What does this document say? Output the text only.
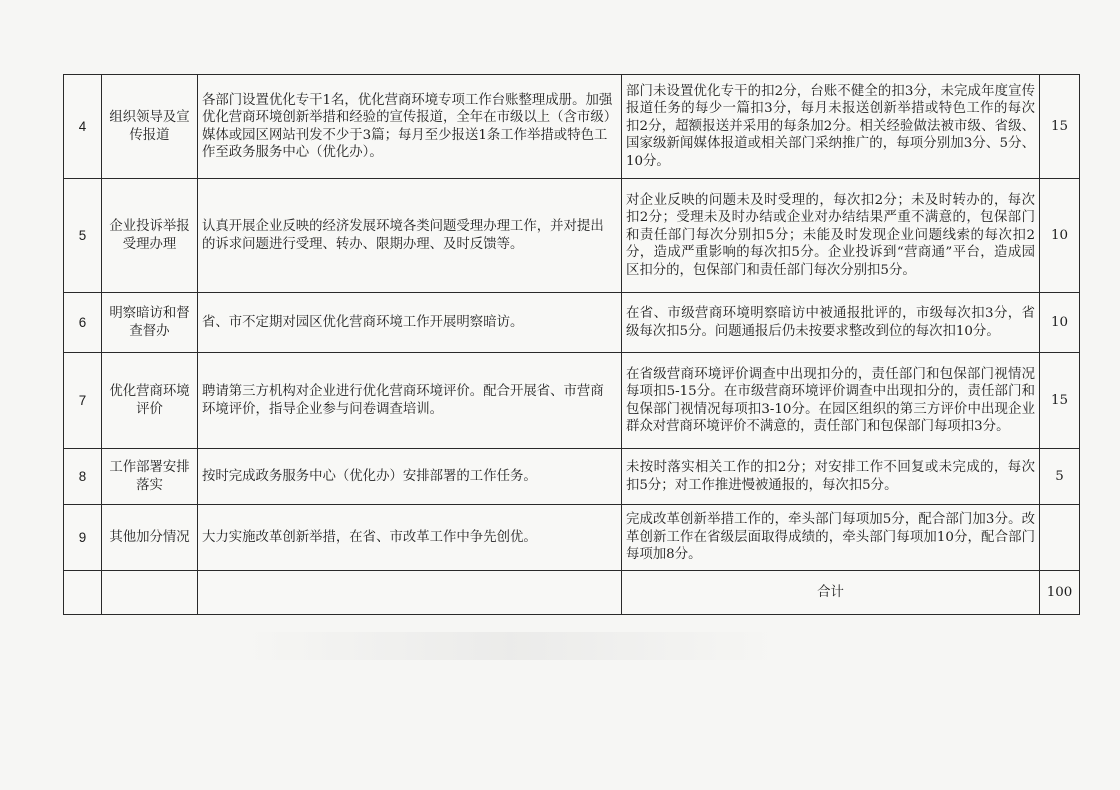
4	组织领导及宣传报道	各部门设置优化专干1名，优化营商环境专项工作台账整理成册。加强优化营商环境创新举措和经验的宣传报道，全年在市级以上（含市级）媒体或园区网站刊发不少于3篇；每月至少报送1条工作举措或特色工作至政务服务中心（优化办）。	部门未设置优化专干的扣2分，台账不健全的扣3分，未完成年度宣传报道任务的每少一篇扣3分，每月未报送创新举措或特色工作的每次扣2分，超额报送并采用的每条加2分。相关经验做法被市级、省级、国家级新闻媒体报道或相关部门采纳推广的，每项分别加3分、5分、10分。	15
5	企业投诉举报受理办理	认真开展企业反映的经济发展环境各类问题受理办理工作，并对提出的诉求问题进行受理、转办、限期办理、及时反馈等。	对企业反映的问题未及时受理的，每次扣2分；未及时转办的，每次扣2分；受理未及时办结或企业对办结结果严重不满意的，包保部门和责任部门每次分别扣5分；未能及时发现企业问题线索的每次扣2分，造成严重影响的每次扣5分。企业投诉到“营商通”平台，造成园区扣分的，包保部门和责任部门每次分别扣5分。	10
6	明察暗访和督查督办	省、市不定期对园区优化营商环境工作开展明察暗访。	在省、市级营商环境明察暗访中被通报批评的，市级每次扣3分，省级每次扣5分。问题通报后仍未按要求整改到位的每次扣10分。	10
7	优化营商环境评价	聘请第三方机构对企业进行优化营商环境评价。配合开展省、市营商环境评价，指导企业参与问卷调查培训。	在省级营商环境评价调查中出现扣分的，责任部门和包保部门视情况每项扣5-15分。在市级营商环境评价调查中出现扣分的，责任部门和包保部门视情况每项扣3-10分。在园区组织的第三方评价中出现企业群众对营商环境评价不满意的，责任部门和包保部门每项扣3分。	15
8	工作部署安排落实	按时完成政务服务中心（优化办）安排部署的工作任务。	未按时落实相关工作的扣2分；对安排工作不回复或未完成的，每次扣5分；对工作推进慢被通报的，每次扣5分。	5
9	其他加分情况	大力实施改革创新举措，在省、市改革工作中争先创优。	完成改革创新举措工作的，牵头部门每项加5分，配合部门加3分。改革创新工作在省级层面取得成绩的，牵头部门每项加10分，配合部门每项加8分。	
			合计	100
